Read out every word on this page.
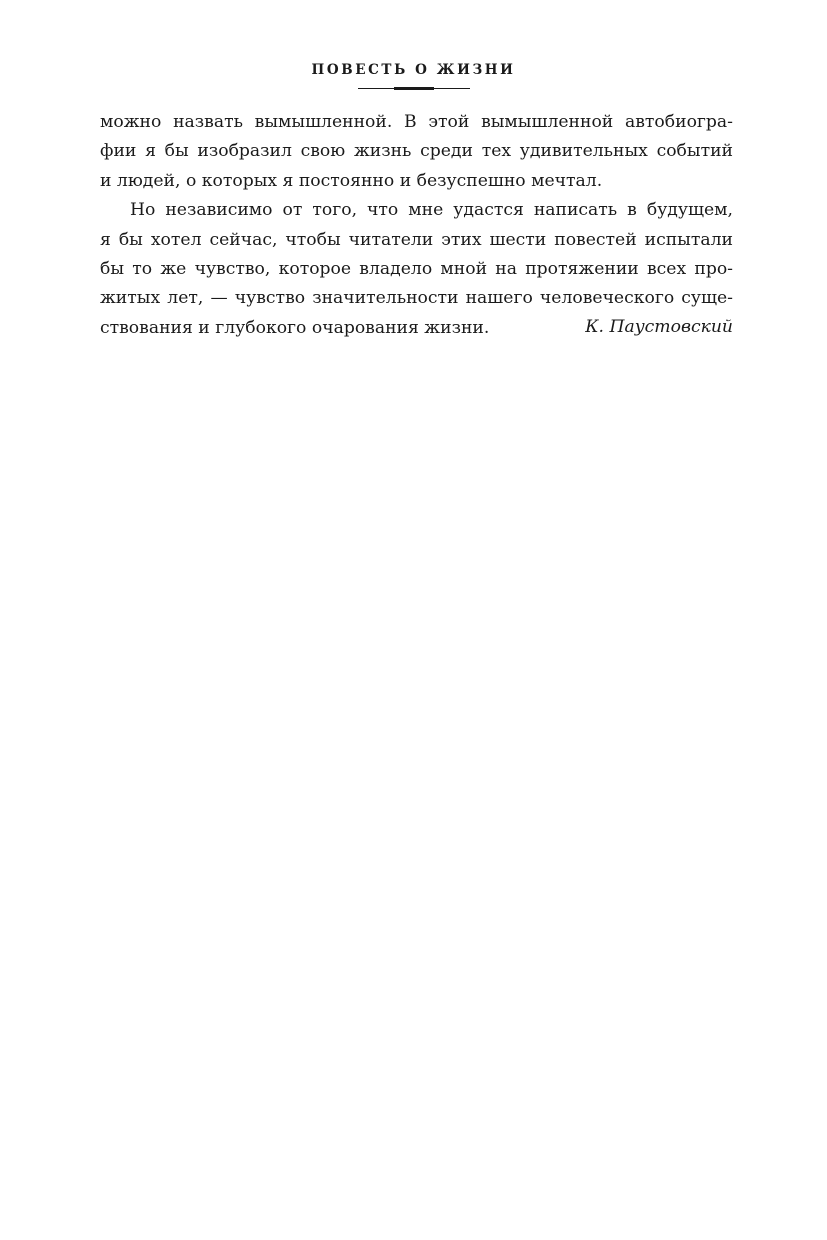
ПОВЕСТЬ О ЖИЗНИ
можно назвать вымышленной. В этой вымышленной автобиогра-
фии я бы изобразил свою жизнь среди тех удивительных событий
и людей, о которых я постоянно и безуспешно мечтал.
Но независимо от того, что мне удастся написать в будущем,
я бы хотел сейчас, чтобы читатели этих шести повестей испытали
бы то же чувство, которое владело мной на протяжении всех про-
житых лет, — чувство значительности нашего человеческого суще-
ствования и глубокого очарования жизни.	К. Паустовский
